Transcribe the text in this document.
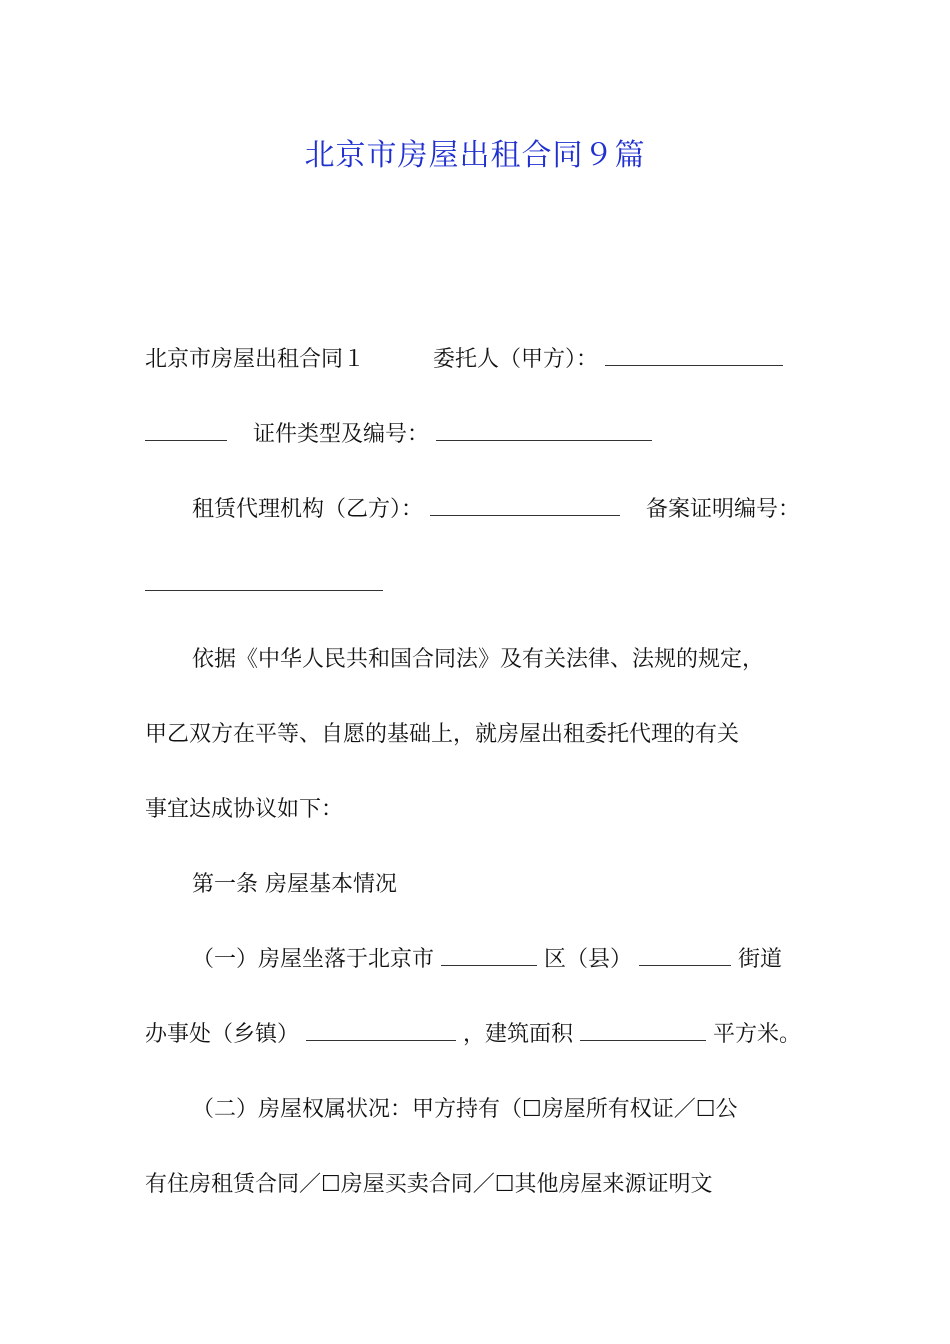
北京市房屋出租合同９篇
北京市房屋出租合同１	委托人（甲方）：
证件类型及编号：
租赁代理机构（乙方）：	备案证明编号：
依据《中华人民共和国合同法》及有关法律、法规的规定，
甲乙双方在平等、自愿的基础上，就房屋出租委托代理的有关
事宜达成协议如下：
第一条 房屋基本情况
（一）房屋坐落于北京市	区（县）	街道
办事处（乡镇）	，建筑面积	平方米。
（二）房屋权属状况：甲方持有（☐房屋所有权证／☐公
有住房租赁合同／☐房屋买卖合同／☐其他房屋来源证明文
